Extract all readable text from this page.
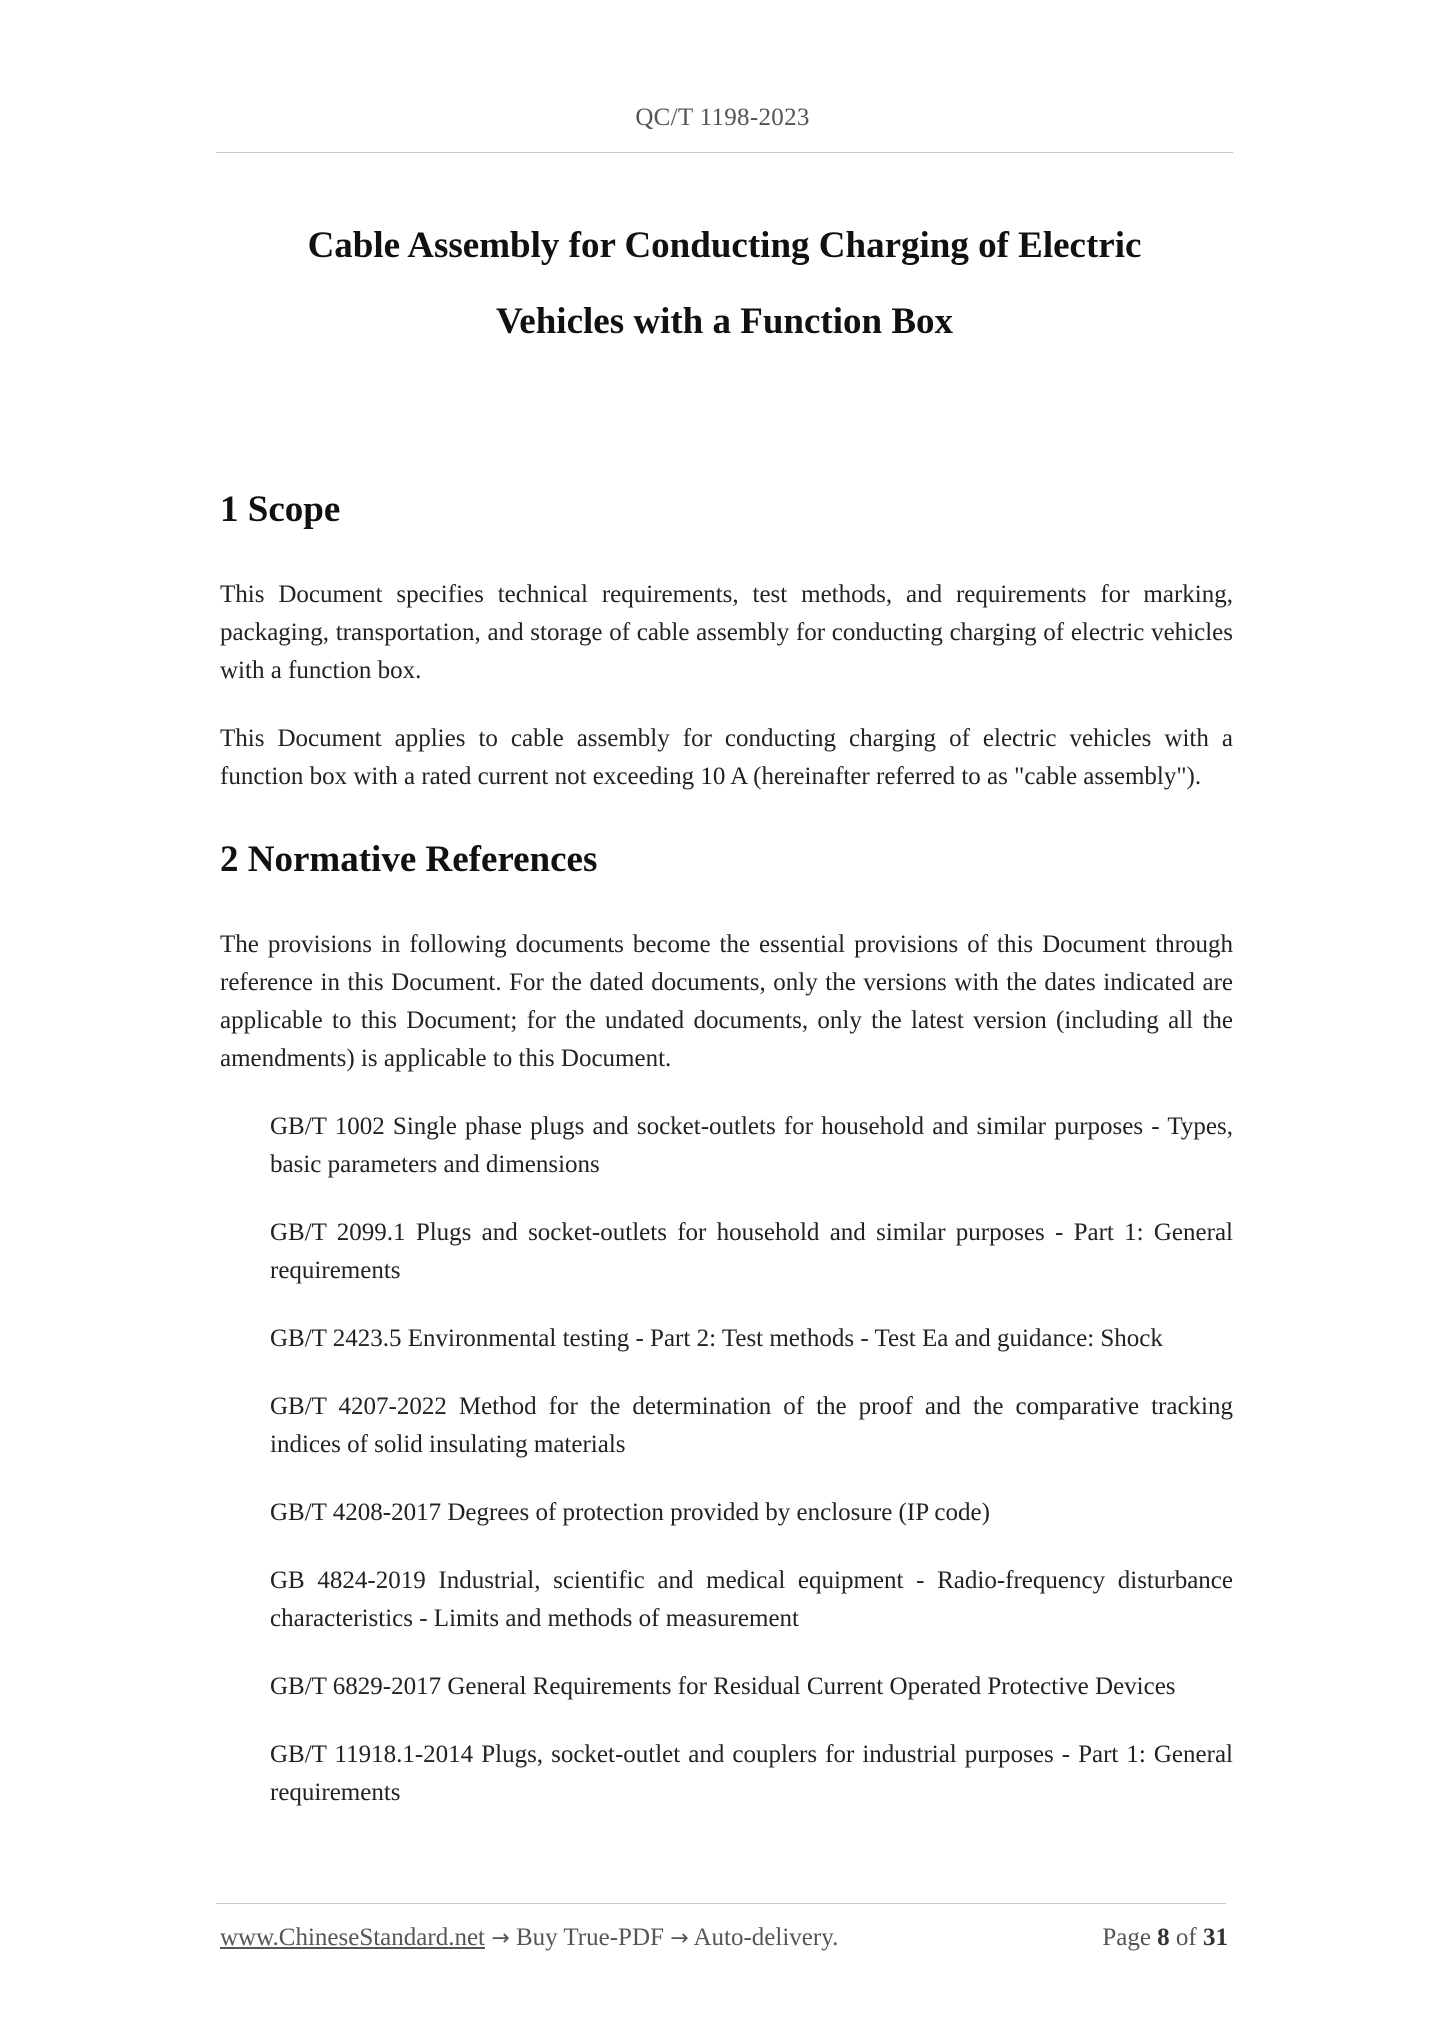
QC/T 1198-2023
Cable Assembly for Conducting Charging of Electric
Vehicles with a Function Box
1 Scope

This Document specifies technical requirements, test methods, and requirements for marking, packaging, transportation, and storage of cable assembly for conducting charging of electric vehicles with a function box.

This Document applies to cable assembly for conducting charging of electric vehicles with a function box with a rated current not exceeding 10 A (hereinafter referred to as "cable assembly").

2 Normative References

The provisions in following documents become the essential provisions of this Document through reference in this Document. For the dated documents, only the versions with the dates indicated are applicable to this Document; for the undated documents, only the latest version (including all the amendments) is applicable to this Document.

GB/T 1002 Single phase plugs and socket-outlets for household and similar purposes - Types, basic parameters and dimensions
GB/T 2099.1 Plugs and socket-outlets for household and similar purposes - Part 1: General requirements
GB/T 2423.5 Environmental testing - Part 2: Test methods - Test Ea and guidance: Shock
GB/T 4207-2022 Method for the determination of the proof and the comparative tracking indices of solid insulating materials
GB/T 4208-2017 Degrees of protection provided by enclosure (IP code)
GB 4824-2019 Industrial, scientific and medical equipment - Radio-frequency disturbance characteristics - Limits and methods of measurement
GB/T 6829-2017 General Requirements for Residual Current Operated Protective Devices
GB/T 11918.1-2014 Plugs, socket-outlet and couplers for industrial purposes - Part 1: General requirements
www.ChineseStandard.net → Buy True-PDF → Auto-delivery.	Page 8 of 31
